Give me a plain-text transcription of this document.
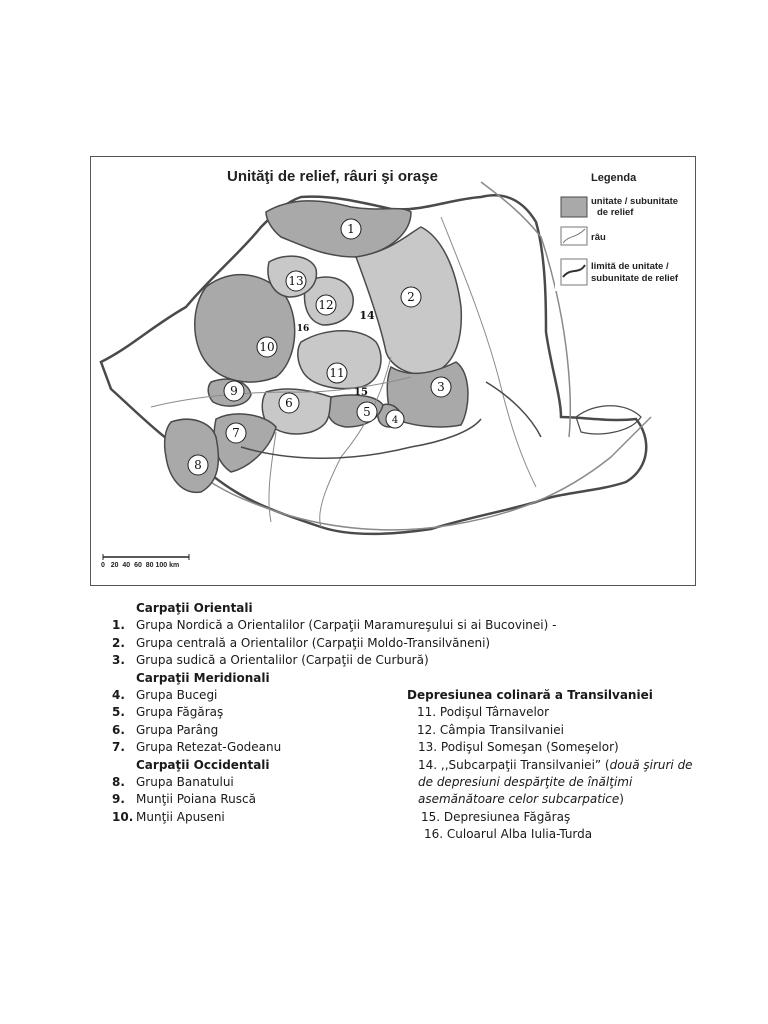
Unităţi de relief, râuri şi oraşe
1
2
3
4
5
6
7
8
9
10
11
12
13
14
15
16
Legenda
unitate / subunitate
de relief
râu
limită de unitate /
subunitate de relief
0   20  40  60  80 100 km
Carpaţii Orientali
1. Grupa Nordică a Orientalilor (Carpaţii Maramureşului si ai Bucovinei) -
2. Grupa centrală a Orientalilor (Carpaţii Moldo-Transilvăneni)
3. Grupa sudică a Orientalilor (Carpaţii de Curbură)
Carpaţii Meridionali
4. Grupa Bucegi
5. Grupa Făgăraş
6. Grupa Parâng
7. Grupa Retezat-Godeanu
Carpaţii Occidentali
8. Grupa Banatului
9. Munţii Poiana Ruscă
10. Munţii Apuseni
Depresiunea colinară a Transilvaniei
11. Podişul Târnavelor
12. Câmpia Transilvaniei
13. Podişul Someşan (Someşelor)
14. ,,Subcarpaţii Transilvaniei” (două şiruri de
de depresiuni despărţite de înălţimi
asemănătoare celor subcarpatice)
15. Depresiunea Făgăraş
16. Culoarul Alba Iulia-Turda
